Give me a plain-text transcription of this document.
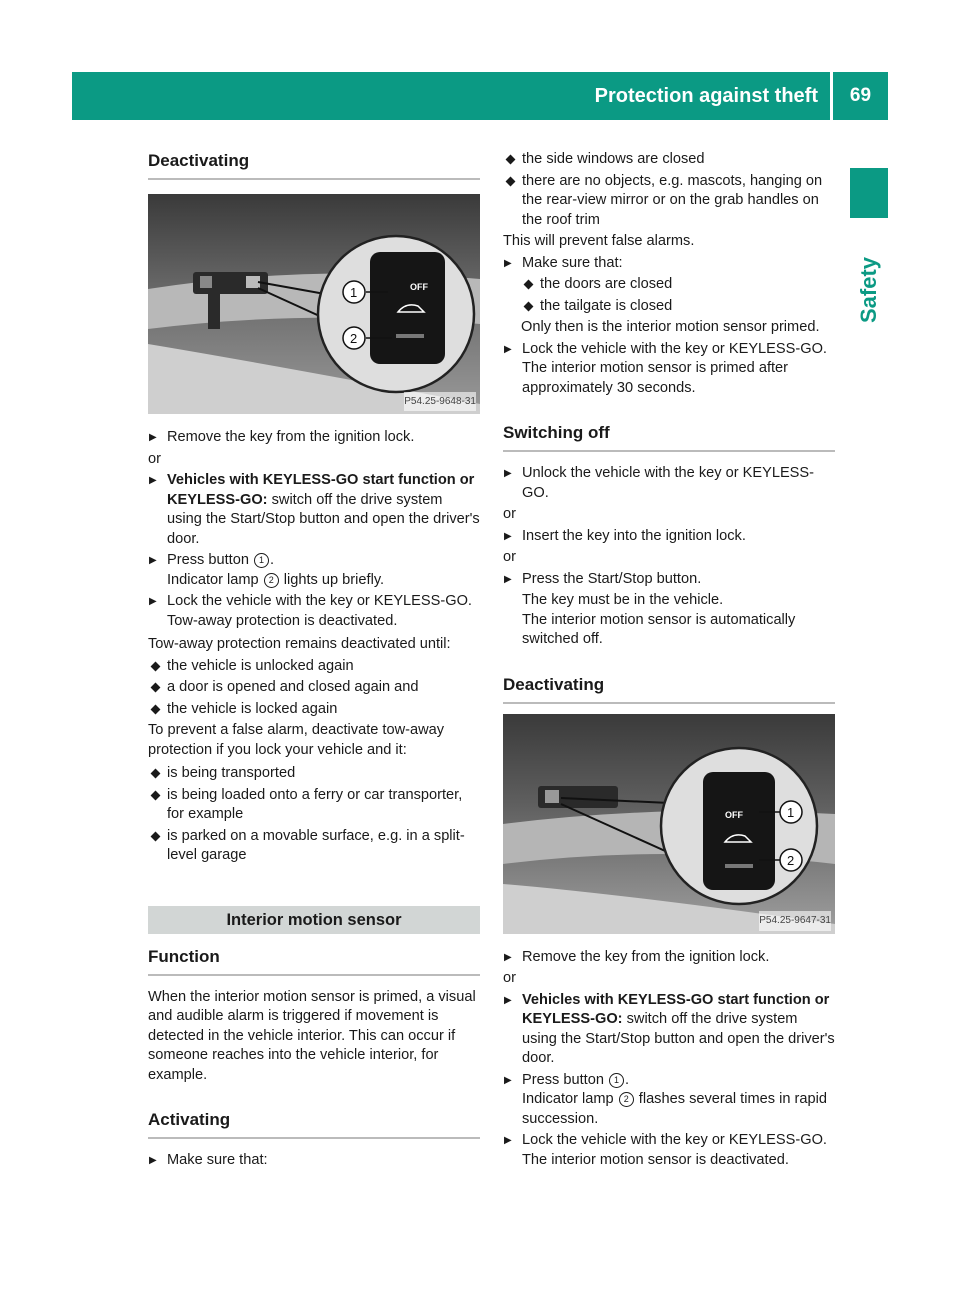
Protection against theft	69
Safety
Deactivating
OFF
1
2
P54.25-9648-31
▶ Remove the key from the ignition lock.
or
▶ Vehicles with KEYLESS-GO start function or KEYLESS-GO: switch off the drive system using the Start/Stop button and open the driver's door.
▶ Press button 1 .
Indicator lamp 2 lights up briefly.
▶ Lock the vehicle with the key or KEYLESS-GO.
Tow-away protection is deactivated.
Tow-away protection remains deactivated until:
the vehicle is unlocked again
a door is opened and closed again and
the vehicle is locked again
To prevent a false alarm, deactivate tow-away protection if you lock your vehicle and it:
is being transported
is being loaded onto a ferry or car transporter, for example
is parked on a movable surface, e.g. in a split-level garage
Interior motion sensor
Function
When the interior motion sensor is primed, a visual and audible alarm is triggered if movement is detected in the vehicle interior. This can occur if someone reaches into the vehicle interior, for example.
Activating
▶ Make sure that:
the side windows are closed
there are no objects, e.g. mascots, hanging on the rear-view mirror or on the grab handles on the roof trim
This will prevent false alarms.
▶ Make sure that:
the doors are closed
the tailgate is closed
Only then is the interior motion sensor primed.
▶ Lock the vehicle with the key or KEYLESS-GO.
The interior motion sensor is primed after approximately 30 seconds.
Switching off
▶ Unlock the vehicle with the key or KEYLESS-GO.
or
▶ Insert the key into the ignition lock.
or
▶ Press the Start/Stop button.

The key must be in the vehicle.
The interior motion sensor is automatically switched off.
Deactivating
OFF	1
2
P54.25-9647-31
▶ Remove the key from the ignition lock.
or
▶ Vehicles with KEYLESS-GO start function or KEYLESS-GO: switch off the drive system using the Start/Stop button and open the driver's door.
▶ Press button 1 .
Indicator lamp 2 flashes several times in rapid succession.
▶ Lock the vehicle with the key or KEYLESS-GO.
The interior motion sensor is deactivated.
